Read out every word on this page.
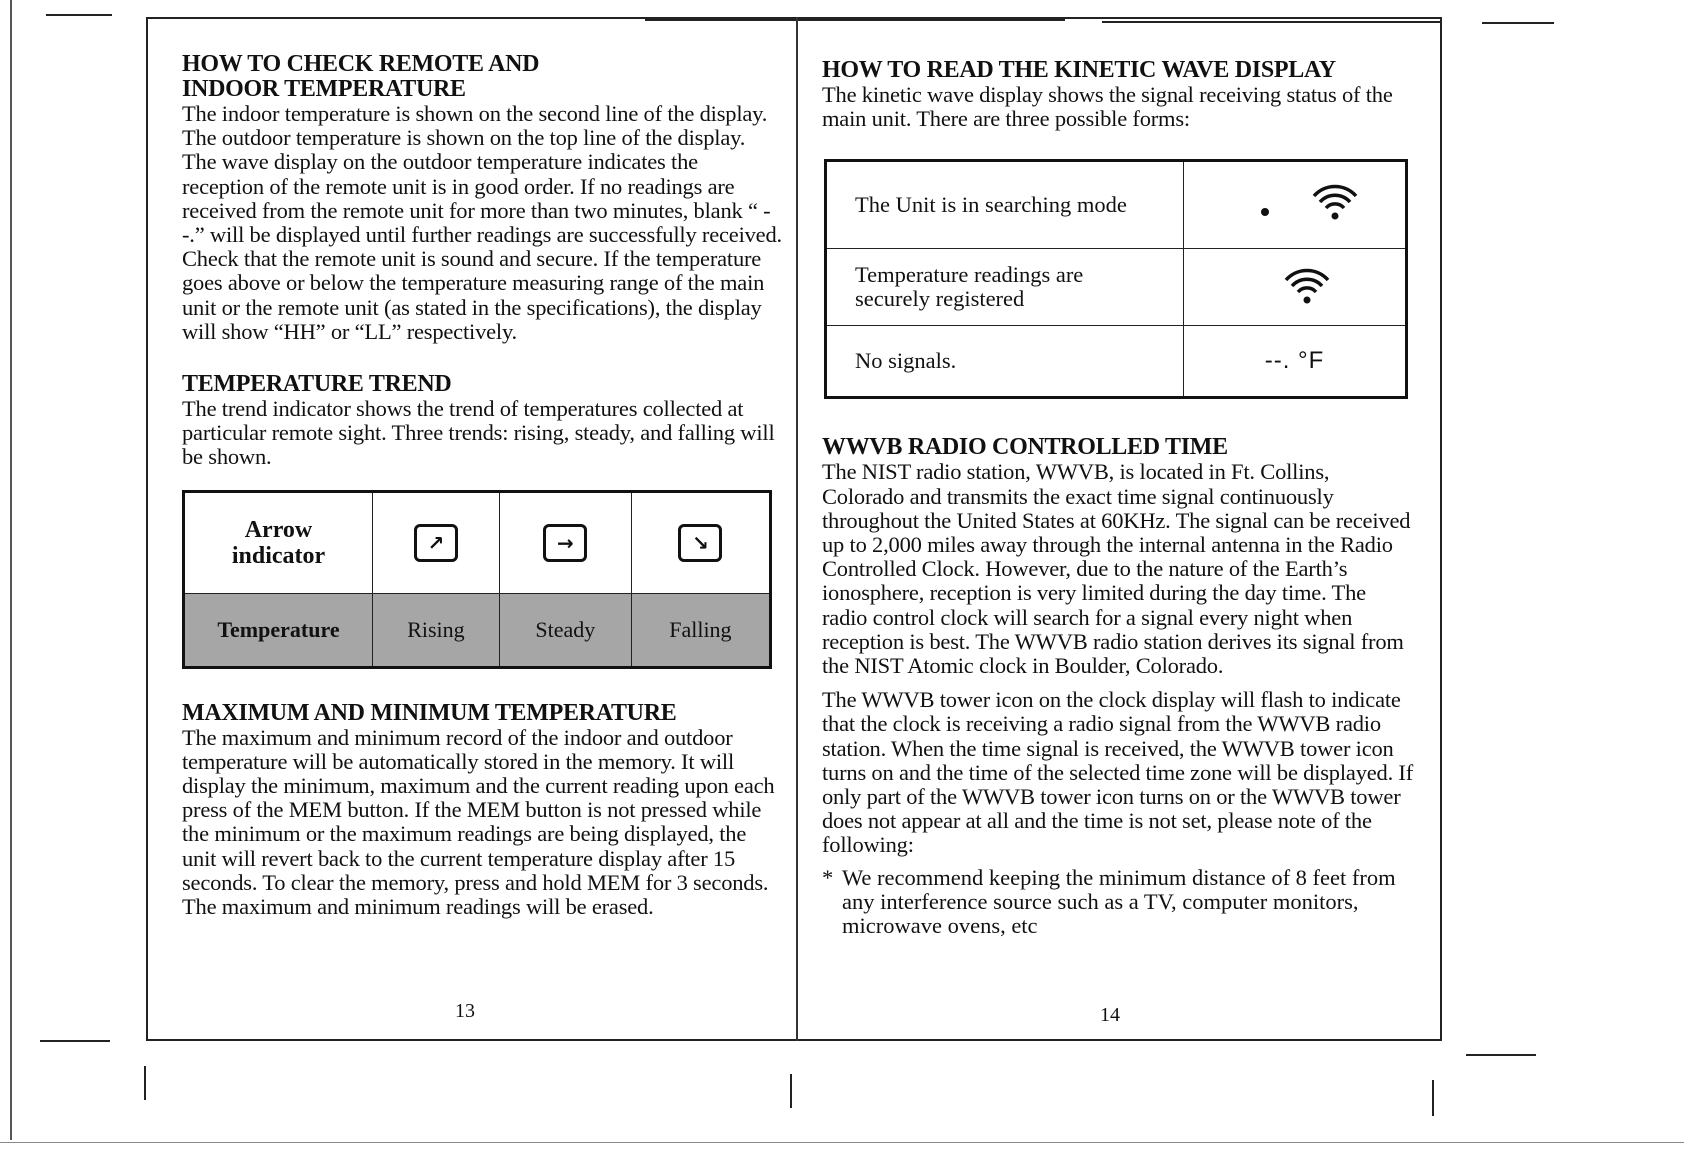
HOW TO CHECK REMOTE AND
INDOOR TEMPERATURE

The indoor temperature is shown on the second line of the display. The outdoor temperature is shown on the top line of the display. The wave display on the outdoor temperature indicates the reception of the remote unit is in good order. If no readings are received from the remote unit for more than two minutes, blank “ --.” will be displayed until further readings are successfully received. Check that the remote unit is sound and secure. If the temperature goes above or below the temperature measuring range of the main unit or the remote unit (as stated in the specifications), the display will show “HH” or “LL” respectively.

TEMPERATURE TREND

The trend indicator shows the trend of temperatures collected at particular remote sight. Three trends: rising, steady, and falling will be shown.

Arrow
indicator	↗	→	↘
Temperature	Rising	Steady	Falling
MAXIMUM AND MINIMUM TEMPERATURE

The maximum and minimum record of the indoor and outdoor temperature will be automatically stored in the memory. It will display the minimum, maximum and the current reading upon each press of the MEM button. If the MEM button is not pressed while the minimum or the maximum readings are being displayed, the unit will revert back to the current temperature display after 15 seconds. To clear the memory, press and hold MEM for 3 seconds. The maximum and minimum readings will be erased.

13
HOW TO READ THE KINETIC WAVE DISPLAY

The kinetic wave display shows the signal receiving status of the main unit. There are three possible forms:

The Unit is in searching mode	
Temperature readings are securely registered	
No signals.	--. °F
WWVB RADIO CONTROLLED TIME

The NIST radio station, WWVB, is located in Ft. Collins, Colorado and transmits the exact time signal continuously throughout the United States at 60KHz. The signal can be received up to 2,000 miles away through the internal antenna in the Radio Controlled Clock. However, due to the nature of the Earth’s ionosphere, reception is very limited during the day time. The radio control clock will search for a signal every night when reception is best. The WWVB radio station derives its signal from the NIST Atomic clock in Boulder, Colorado.

The WWVB tower icon on the clock display will flash to indicate that the clock is receiving a radio signal from the WWVB radio station. When the time signal is received, the WWVB tower icon turns on and the time of the selected time zone will be displayed. If only part of the WWVB tower icon turns on or the WWVB tower does not appear at all and the time is not set, please note of the following:

* We recommend keeping the minimum distance of 8 feet from any interference source such as a TV, computer monitors, microwave ovens, etc
14
